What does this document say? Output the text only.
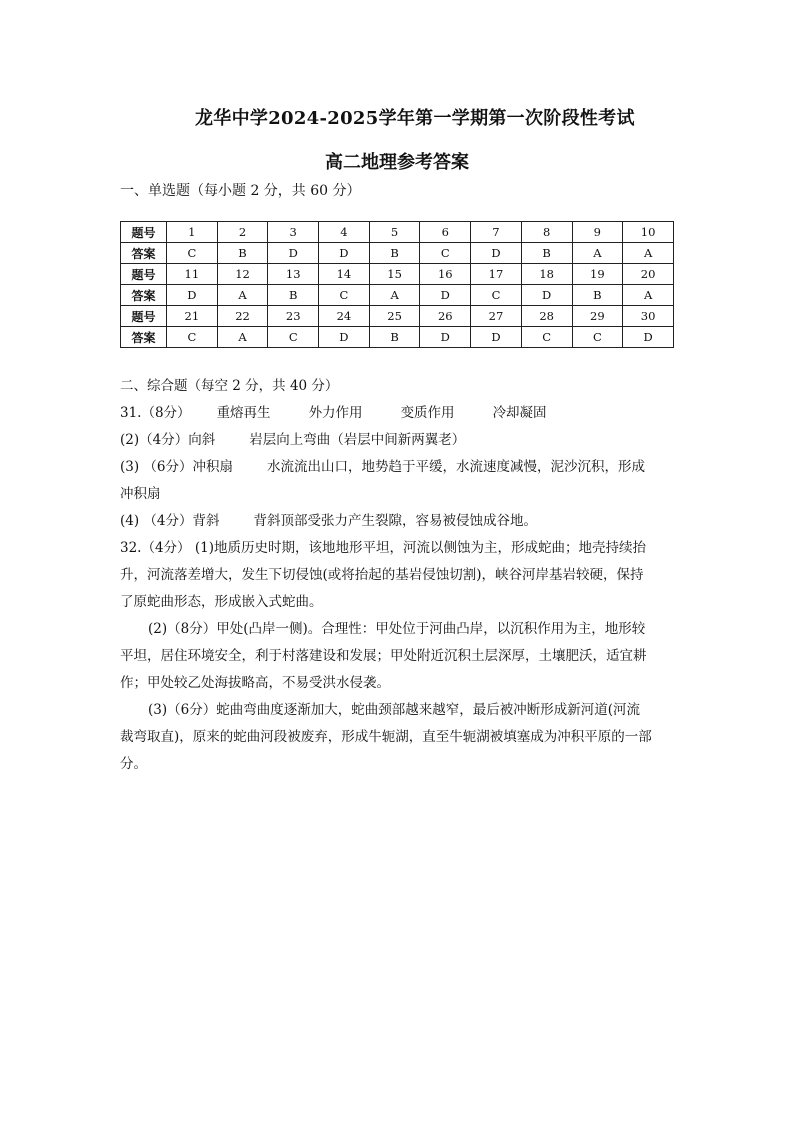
龙华中学2024-2025学年第一学期第一次阶段性考试
高二地理参考答案
一、单选题（每小题 2 分，共 60 分）
题号	1	2	3	4	5	6	7	8	9	10
答案	C	B	D	D	B	C	D	B	A	A
题号	11	12	13	14	15	16	17	18	19	20
答案	D	A	B	C	A	D	C	D	B	A
题号	21	22	23	24	25	26	27	28	29	30
答案	C	A	C	D	B	D	D	C	C	D
二、综合题（每空 2 分，共 40 分）
31.（8分） 重熔再生	外力作用	变质作用	冷却凝固
(2)（4分）向斜	岩层向上弯曲（岩层中间新两翼老）
(3) （6分）冲积扇	水流流出山口，地势趋于平缓，水流速度减慢，泥沙沉积，形成
冲积扇
(4) （4分）背斜	背斜顶部受张力产生裂隙，容易被侵蚀成谷地。
32.（4分） (1)地质历史时期，该地地形平坦，河流以侧蚀为主，形成蛇曲；地壳持续抬
升，河流落差增大，发生下切侵蚀(或将抬起的基岩侵蚀切割)，峡谷河岸基岩较硬，保持
了原蛇曲形态，形成嵌入式蛇曲。
(2)（8分）甲处(凸岸一侧)。合理性：甲处位于河曲凸岸，以沉积作用为主，地形较
平坦，居住环境安全，利于村落建设和发展；甲处附近沉积土层深厚，土壤肥沃，适宜耕
作；甲处较乙处海拔略高，不易受洪水侵袭。
(3)（6分）蛇曲弯曲度逐渐加大，蛇曲颈部越来越窄，最后被冲断形成新河道(河流
裁弯取直)，原来的蛇曲河段被废弃，形成牛轭湖，直至牛轭湖被填塞成为冲积平原的一部
分。
